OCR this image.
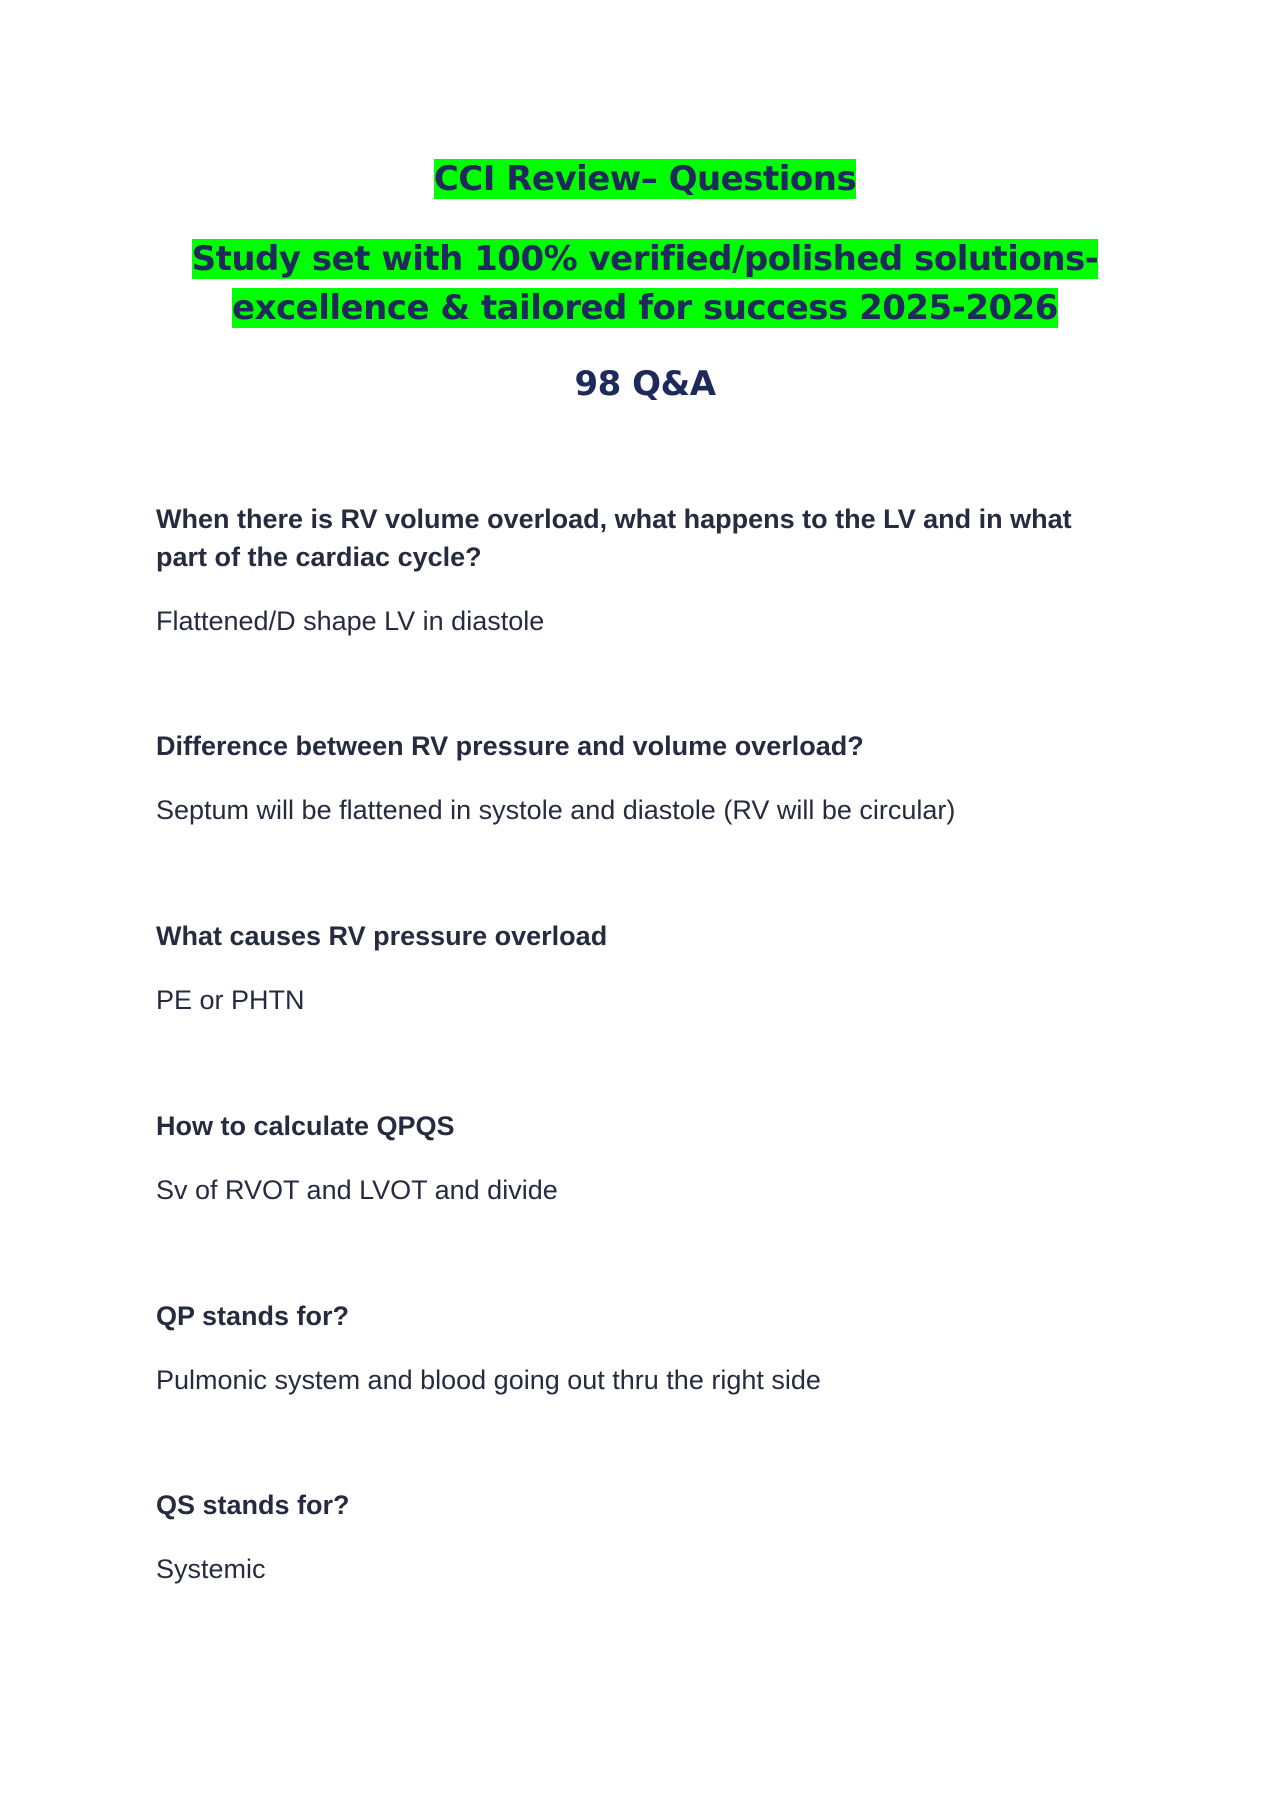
CCI Review– Questions
Study set with 100% verified/polished solutions-
excellence & tailored for success 2025-2026
98 Q&A

When there is RV volume overload, what happens to the LV and in what
part of the cardiac cycle?

Flattened/D shape LV in diastole

Difference between RV pressure and volume overload?

Septum will be flattened in systole and diastole (RV will be circular)

What causes RV pressure overload

PE or PHTN

How to calculate QPQS

Sv of RVOT and LVOT and divide

QP stands for?

Pulmonic system and blood going out thru the right side

QS stands for?

Systemic
